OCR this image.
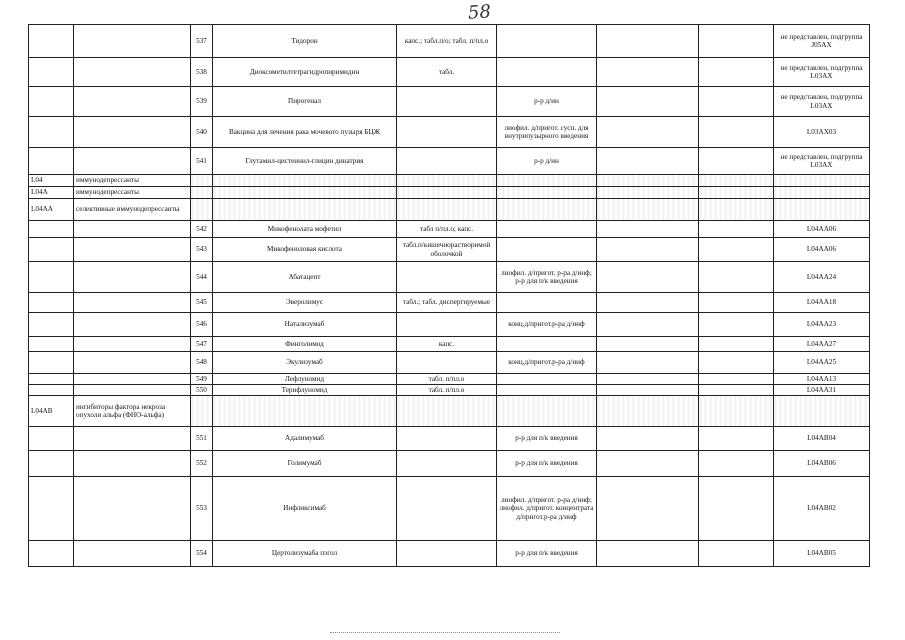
58
		537	Тидорон	капс.; табл.п/о; табл. п/пл.о				не представлен, подгруппа J05AX
		538	Диоксометилтетрагидропиримидин	табл.				не представлен, подгруппа L03AX
		539	Пирогенал		р-р д/ин			не представлен, подгруппа L03AX
		540	Вакцина для лечения рака мочевого пузыря БЦЖ		лиофил. д/пригот. сусп. для внутрипузырного введения			L03AX03
		541	Глутамил-цистеинил-глицин динатрия		р-р д/ин			не представлен, подгруппа L03AX
L04	иммунодепрессанты							
L04A	иммунодепрессанты							
L04AA	селективные иммунодепрессанты							
		542	Микофенолата мофетил	табл п/пл.о; капс.				L04AA06
		543	Микофеноловая кислота	табл.п/кишечнорастворимой оболочкой				L04AA06
		544	Абатацепт		лиофил. д/пригот. р-ра д/инф; р-р для п/к введения			L04AA24
		545	Эверолимус	табл.; табл. диспергируемые				L04AA18
		546	Натализумаб		конц.д/пригот.р-ра д/инф			L04AA23
		547	Финголимод	капс.				L04AA27
		548	Экулизумаб		конц.д/пригот.р-ра д/инф			L04AA25
		549	Лефлуномид	табл. п/пл.о				L04AA13
		550	Терифлуномид	табл. п/пл.о				L04AA31
L04AB	ингибиторы фактора некроза опухоли альфа (ФНО-альфа)							
		551	Адалимумаб		р-р для п/к введения			L04AB04
		552	Голимумаб		р-р для п/к введения			L04AB06
		553	Инфликсимаб		лиофил. д/пригот. р-ра д/инф; лиофил. д/пригот. концентрата д/пригот.р-ра д/инф			L04AB02
		554	Цертолизумаба пэгол		р-р для п/к введения			L04AB05
